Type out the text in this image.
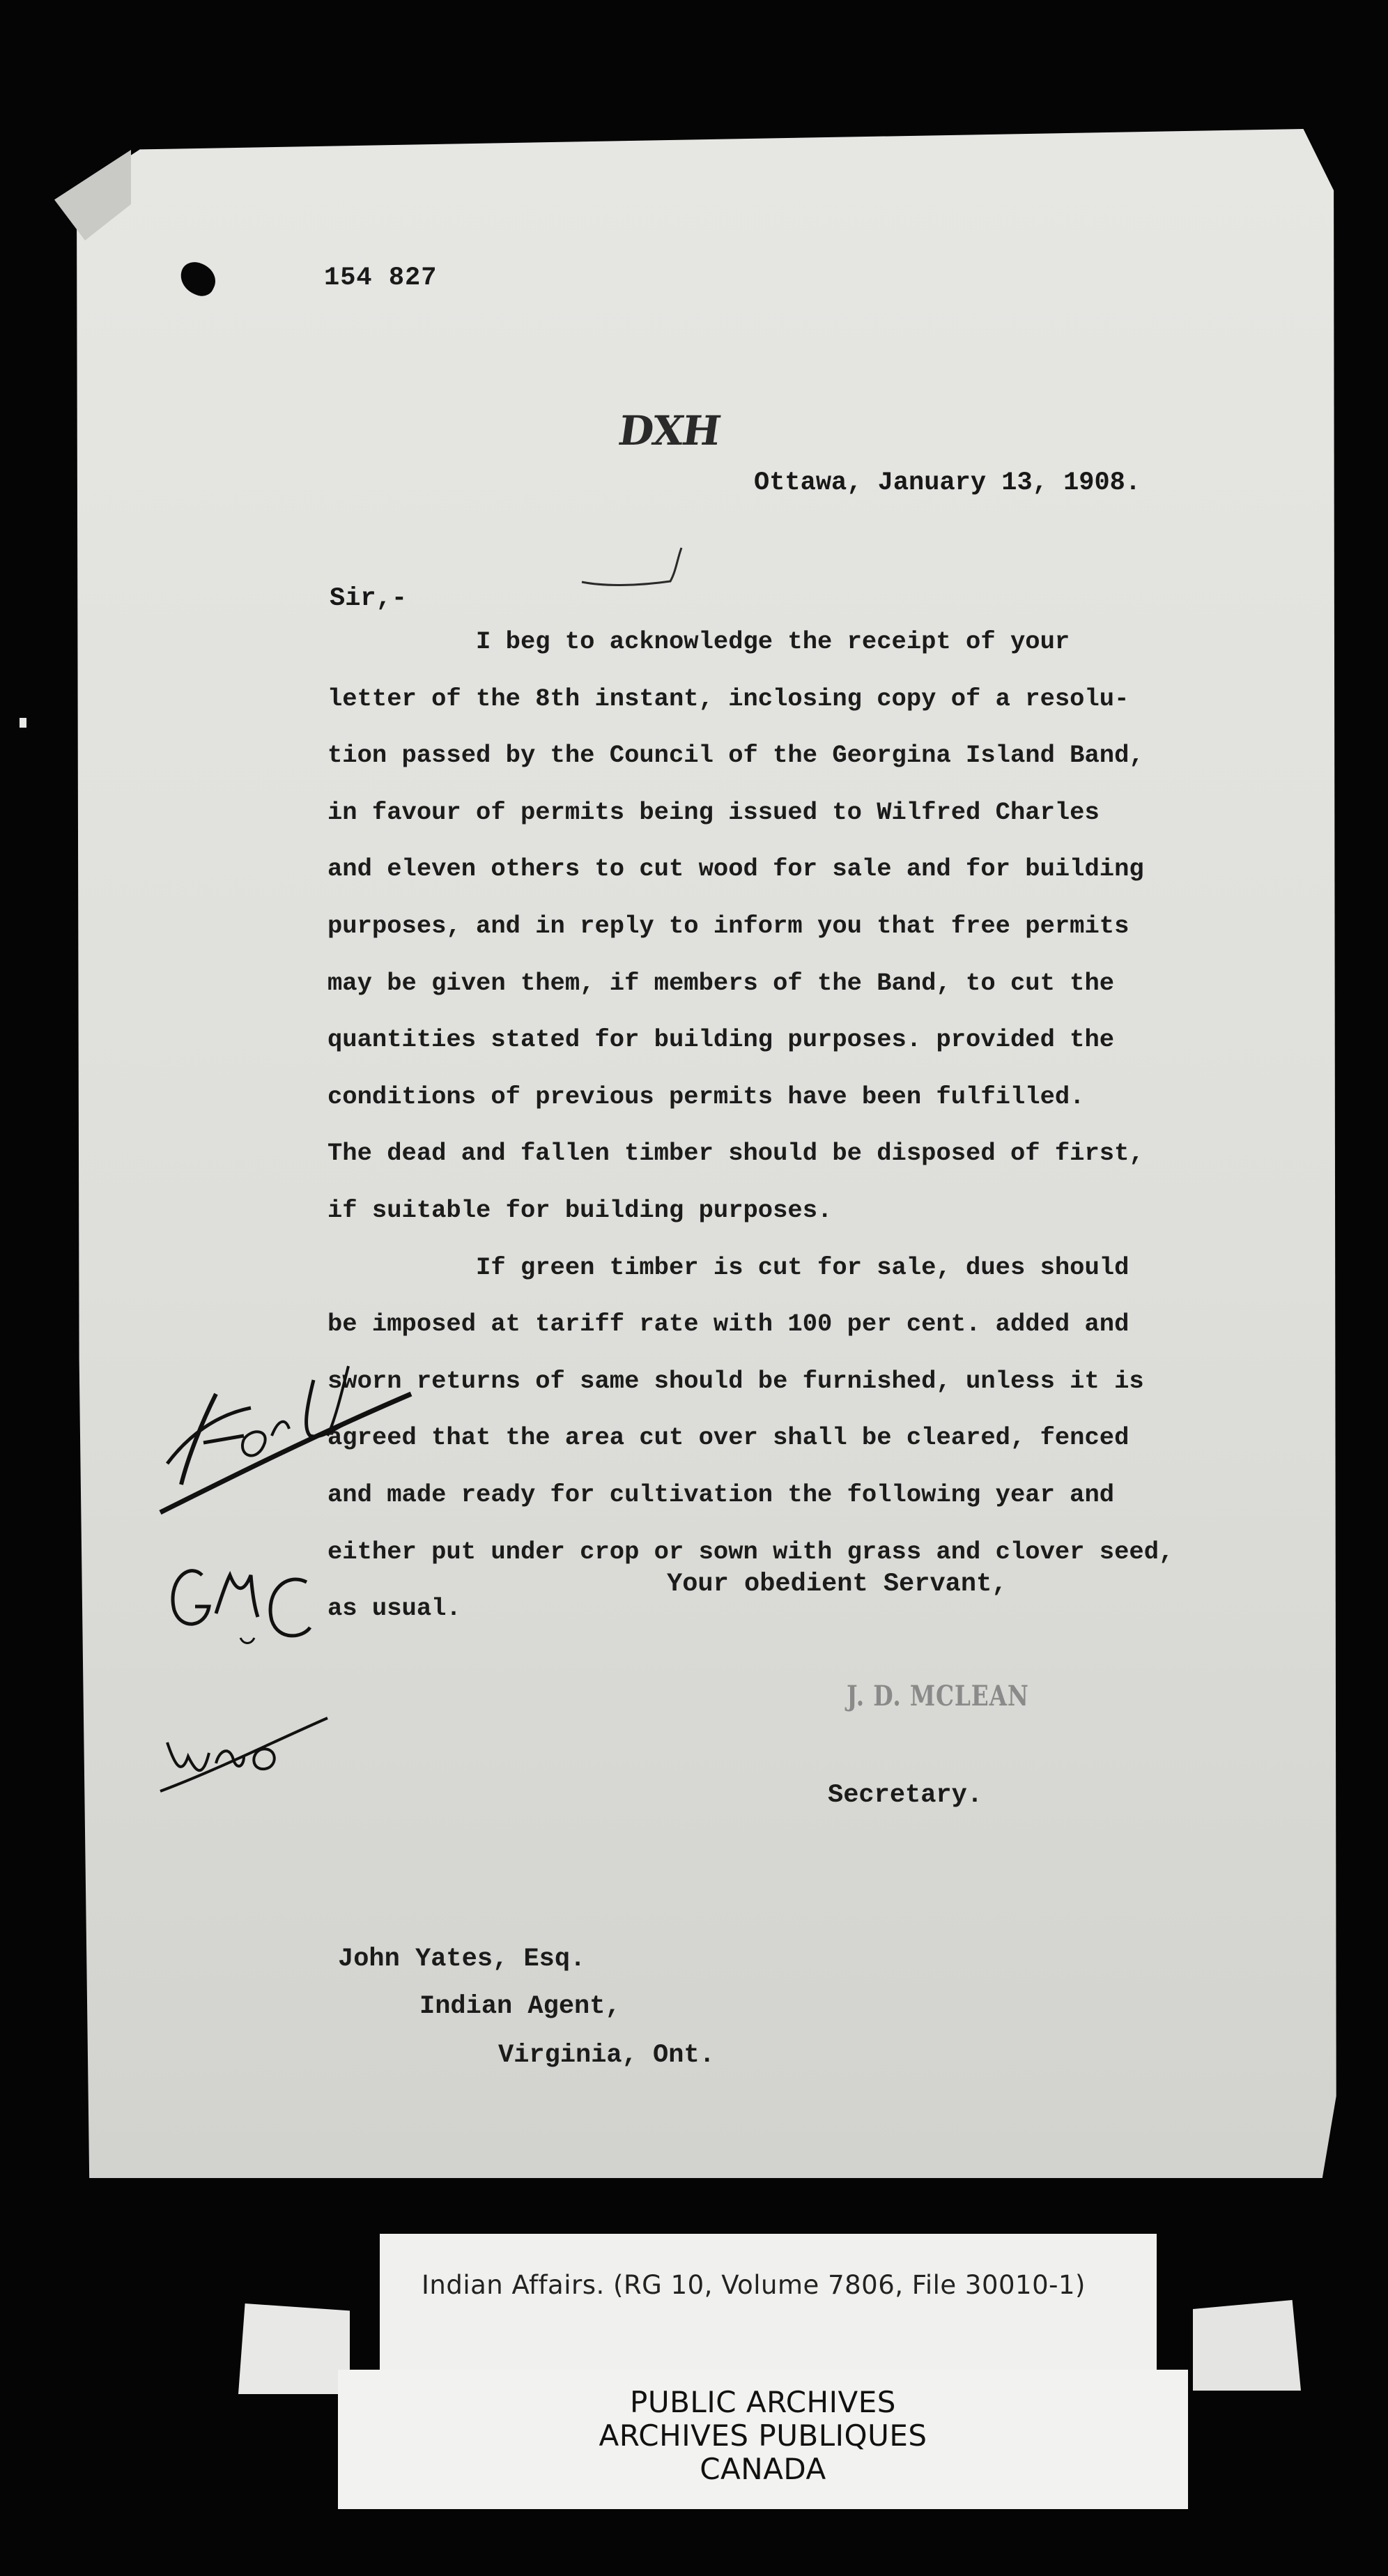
154 827
DXH
Ottawa, January 13, 1908.
Sir,-
I beg to acknowledge the receipt of your
letter of the 8th instant, inclosing copy of a resolu-
tion passed by the Council of the Georgina Island Band,
in favour of permits being issued to Wilfred Charles
and eleven others to cut wood for sale and for building
purposes, and in reply to inform you that free permits
may be given them, if members of the Band, to cut the
quantities stated for building purposes. provided the
conditions of previous permits have been fulfilled.
The dead and fallen timber should be disposed of first,
if suitable for building purposes.
If green timber is cut for sale, dues should
be imposed at tariff rate with 100 per cent. added and
sworn returns of same should be furnished, unless it is
agreed that the area cut over shall be cleared, fenced
and made ready for cultivation the following year and
either put under crop or sown with grass and clover seed,
as usual.
Your obedient Servant,
J. D. MCLEAN
Secretary.
John Yates, Esq.
Indian Agent,
Virginia, Ont.
Indian Affairs. (RG 10, Volume 7806, File 30010-1)
PUBLIC ARCHIVES
ARCHIVES PUBLIQUES
CANADA
